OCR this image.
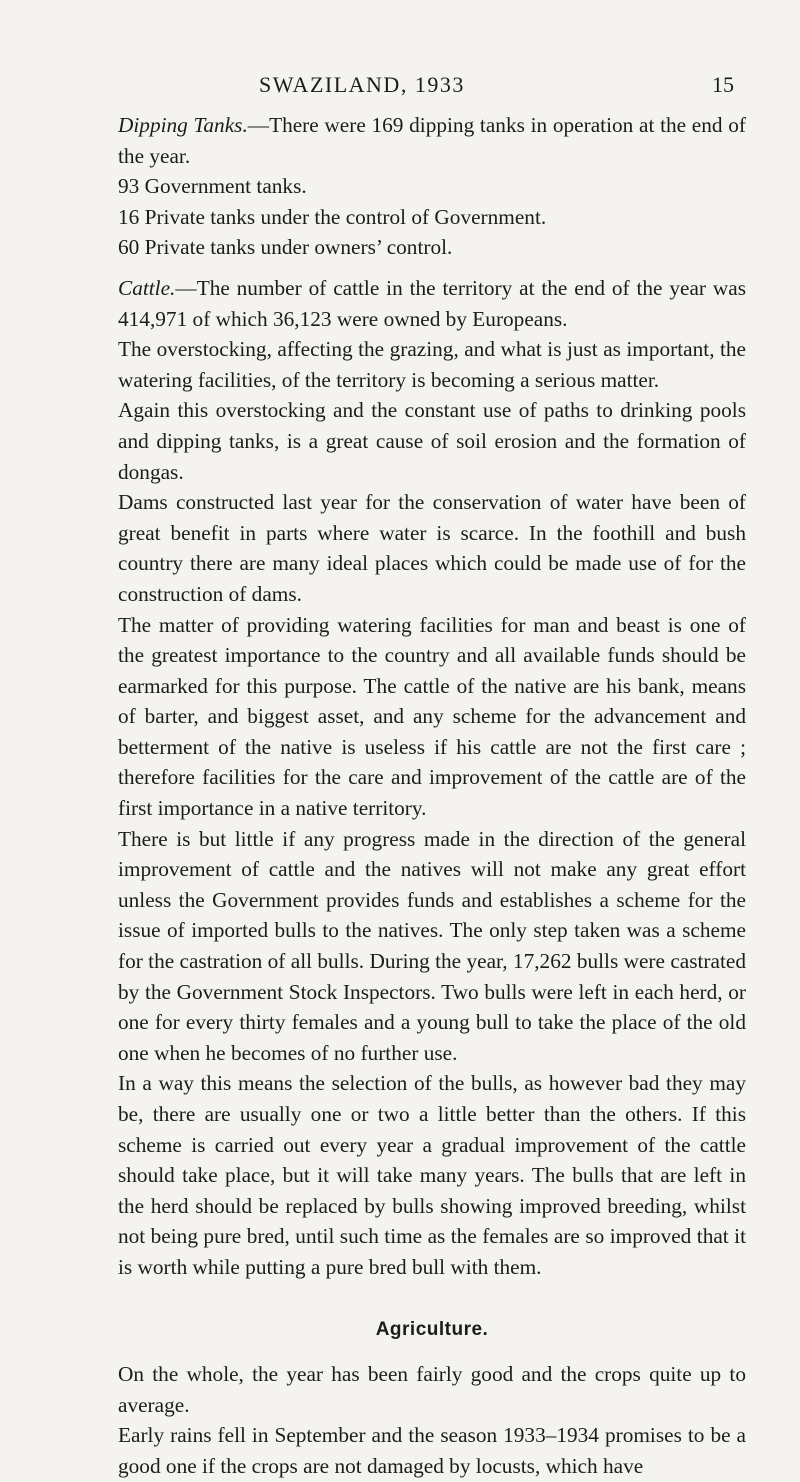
SWAZILAND, 1933	15

Dipping Tanks.—There were 169 dipping tanks in operation at the end of the year.

93 Government tanks.

16 Private tanks under the control of Government.

60 Private tanks under owners’ control.

Cattle.—The number of cattle in the territory at the end of the year was 414,971 of which 36,123 were owned by Europeans.

The overstocking, affecting the grazing, and what is just as important, the watering facilities, of the territory is becoming a serious matter.

Again this overstocking and the constant use of paths to drinking pools and dipping tanks, is a great cause of soil erosion and the formation of dongas.

Dams constructed last year for the conservation of water have been of great benefit in parts where water is scarce. In the foothill and bush country there are many ideal places which could be made use of for the construction of dams.

The matter of providing watering facilities for man and beast is one of the greatest importance to the country and all available funds should be earmarked for this purpose. The cattle of the native are his bank, means of barter, and biggest asset, and any scheme for the advancement and betterment of the native is useless if his cattle are not the first care ; therefore facilities for the care and improvement of the cattle are of the first importance in a native territory.

There is but little if any progress made in the direction of the general improvement of cattle and the natives will not make any great effort unless the Government provides funds and establishes a scheme for the issue of imported bulls to the natives. The only step taken was a scheme for the castration of all bulls. During the year, 17,262 bulls were castrated by the Government Stock Inspectors. Two bulls were left in each herd, or one for every thirty females and a young bull to take the place of the old one when he becomes of no further use.

In a way this means the selection of the bulls, as however bad they may be, there are usually one or two a little better than the others. If this scheme is carried out every year a gradual improvement of the cattle should take place, but it will take many years. The bulls that are left in the herd should be replaced by bulls showing improved breeding, whilst not being pure bred, until such time as the females are so improved that it is worth while putting a pure bred bull with them.

Agriculture.

On the whole, the year has been fairly good and the crops quite up to average.

Early rains fell in September and the season 1933–1934 promises to be a good one if the crops are not damaged by locusts, which have
